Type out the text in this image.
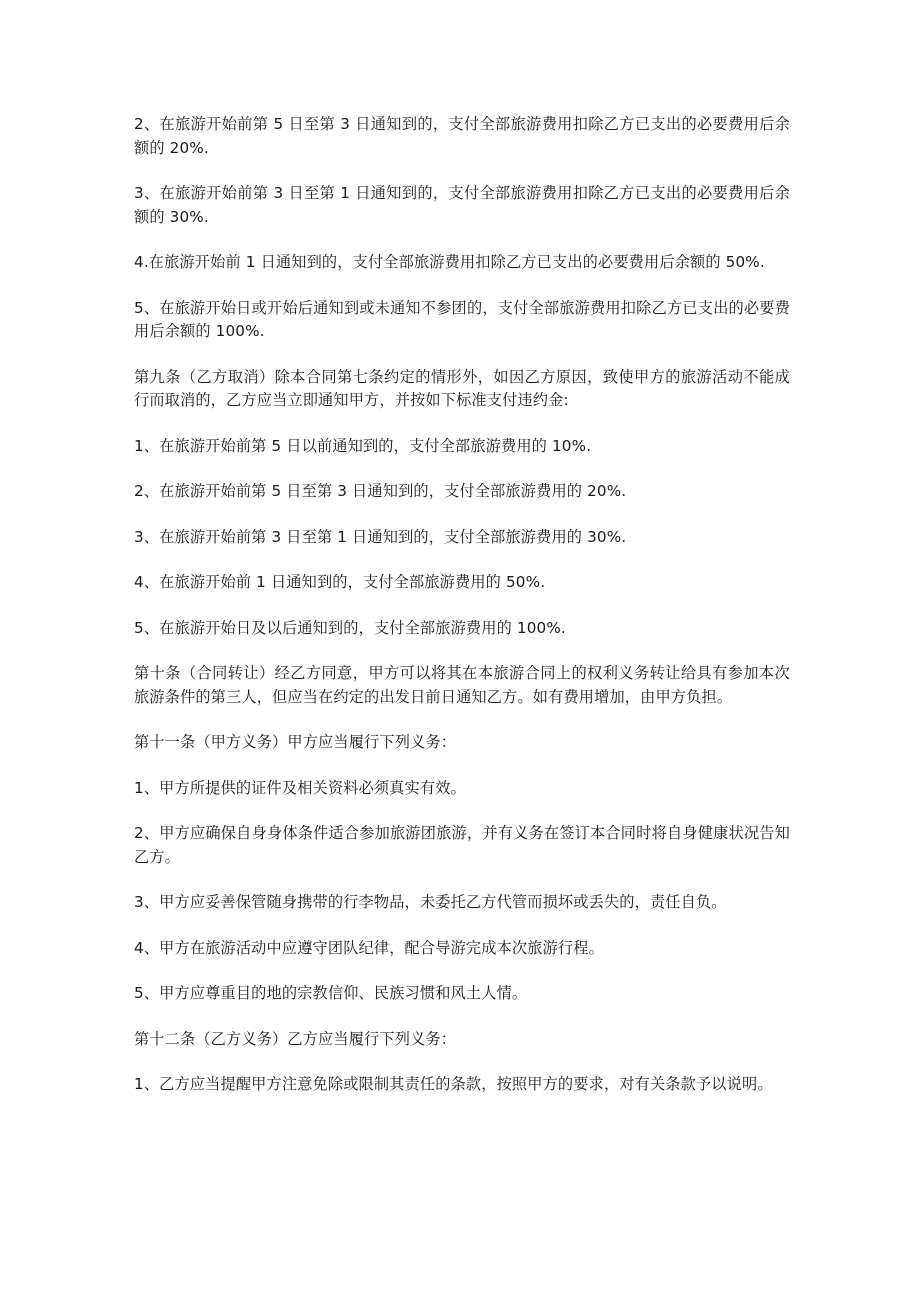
2、在旅游开始前第 5 日至第 3 日通知到的，支付全部旅游费用扣除乙方已支出的必要费用后余额的 20%.

3、在旅游开始前第 3 日至第 1 日通知到的，支付全部旅游费用扣除乙方已支出的必要费用后余额的 30%.

4.在旅游开始前 1 日通知到的，支付全部旅游费用扣除乙方已支出的必要费用后余额的 50%.

5、在旅游开始日或开始后通知到或未通知不参团的，支付全部旅游费用扣除乙方已支出的必要费用后余额的 100%.

第九条（乙方取消）除本合同第七条约定的情形外，如因乙方原因，致使甲方的旅游活动不能成行而取消的，乙方应当立即通知甲方，并按如下标准支付违约金:

1、在旅游开始前第 5 日以前通知到的，支付全部旅游费用的 10%.

2、在旅游开始前第 5 日至第 3 日通知到的，支付全部旅游费用的 20%.

3、在旅游开始前第 3 日至第 1 日通知到的，支付全部旅游费用的 30%.

4、在旅游开始前 1 日通知到的，支付全部旅游费用的 50%.

5、在旅游开始日及以后通知到的，支付全部旅游费用的 100%.

第十条（合同转让）经乙方同意，甲方可以将其在本旅游合同上的权利义务转让给具有参加本次旅游条件的第三人，但应当在约定的出发日前日通知乙方。如有费用增加，由甲方负担。

第十一条（甲方义务）甲方应当履行下列义务：

1、甲方所提供的证件及相关资料必须真实有效。

2、甲方应确保自身身体条件适合参加旅游团旅游，并有义务在签订本合同时将自身健康状况告知乙方。

3、甲方应妥善保管随身携带的行李物品，未委托乙方代管而损坏或丢失的，责任自负。

4、甲方在旅游活动中应遵守团队纪律，配合导游完成本次旅游行程。

5、甲方应尊重目的地的宗教信仰、民族习惯和风土人情。

第十二条（乙方义务）乙方应当履行下列义务：

1、乙方应当提醒甲方注意免除或限制其责任的条款，按照甲方的要求，对有关条款予以说明。
